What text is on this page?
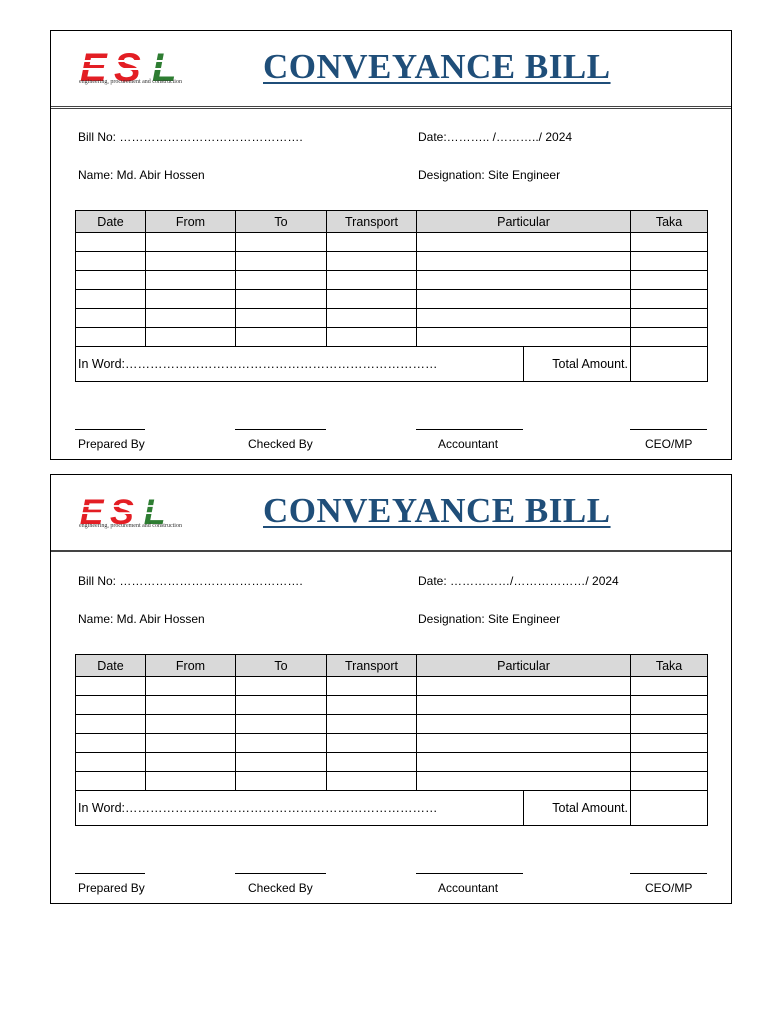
E S L
engineering, procurement and construction CONVEYANCE BILL
Bill No: ……………………………………….	Date:……….. /………../ 2024
Name: Md. Abir Hossen	Designation: Site Engineer
Date	From	To	Transport	Particular		Taka

In Word:…………………………………………………………………					Total Amount.	
Prepared By	Checked By	Accountant	CEO/MP
E S L
engineering, procurement and construction CONVEYANCE BILL
Bill No: ……………………………………….	Date: ……………/………………/ 2024
Name: Md. Abir Hossen	Designation: Site Engineer
Date	From	To	Transport	Particular		Taka

In Word:…………………………………………………………………					Total Amount.	
Prepared By	Checked By	Accountant	CEO/MP
